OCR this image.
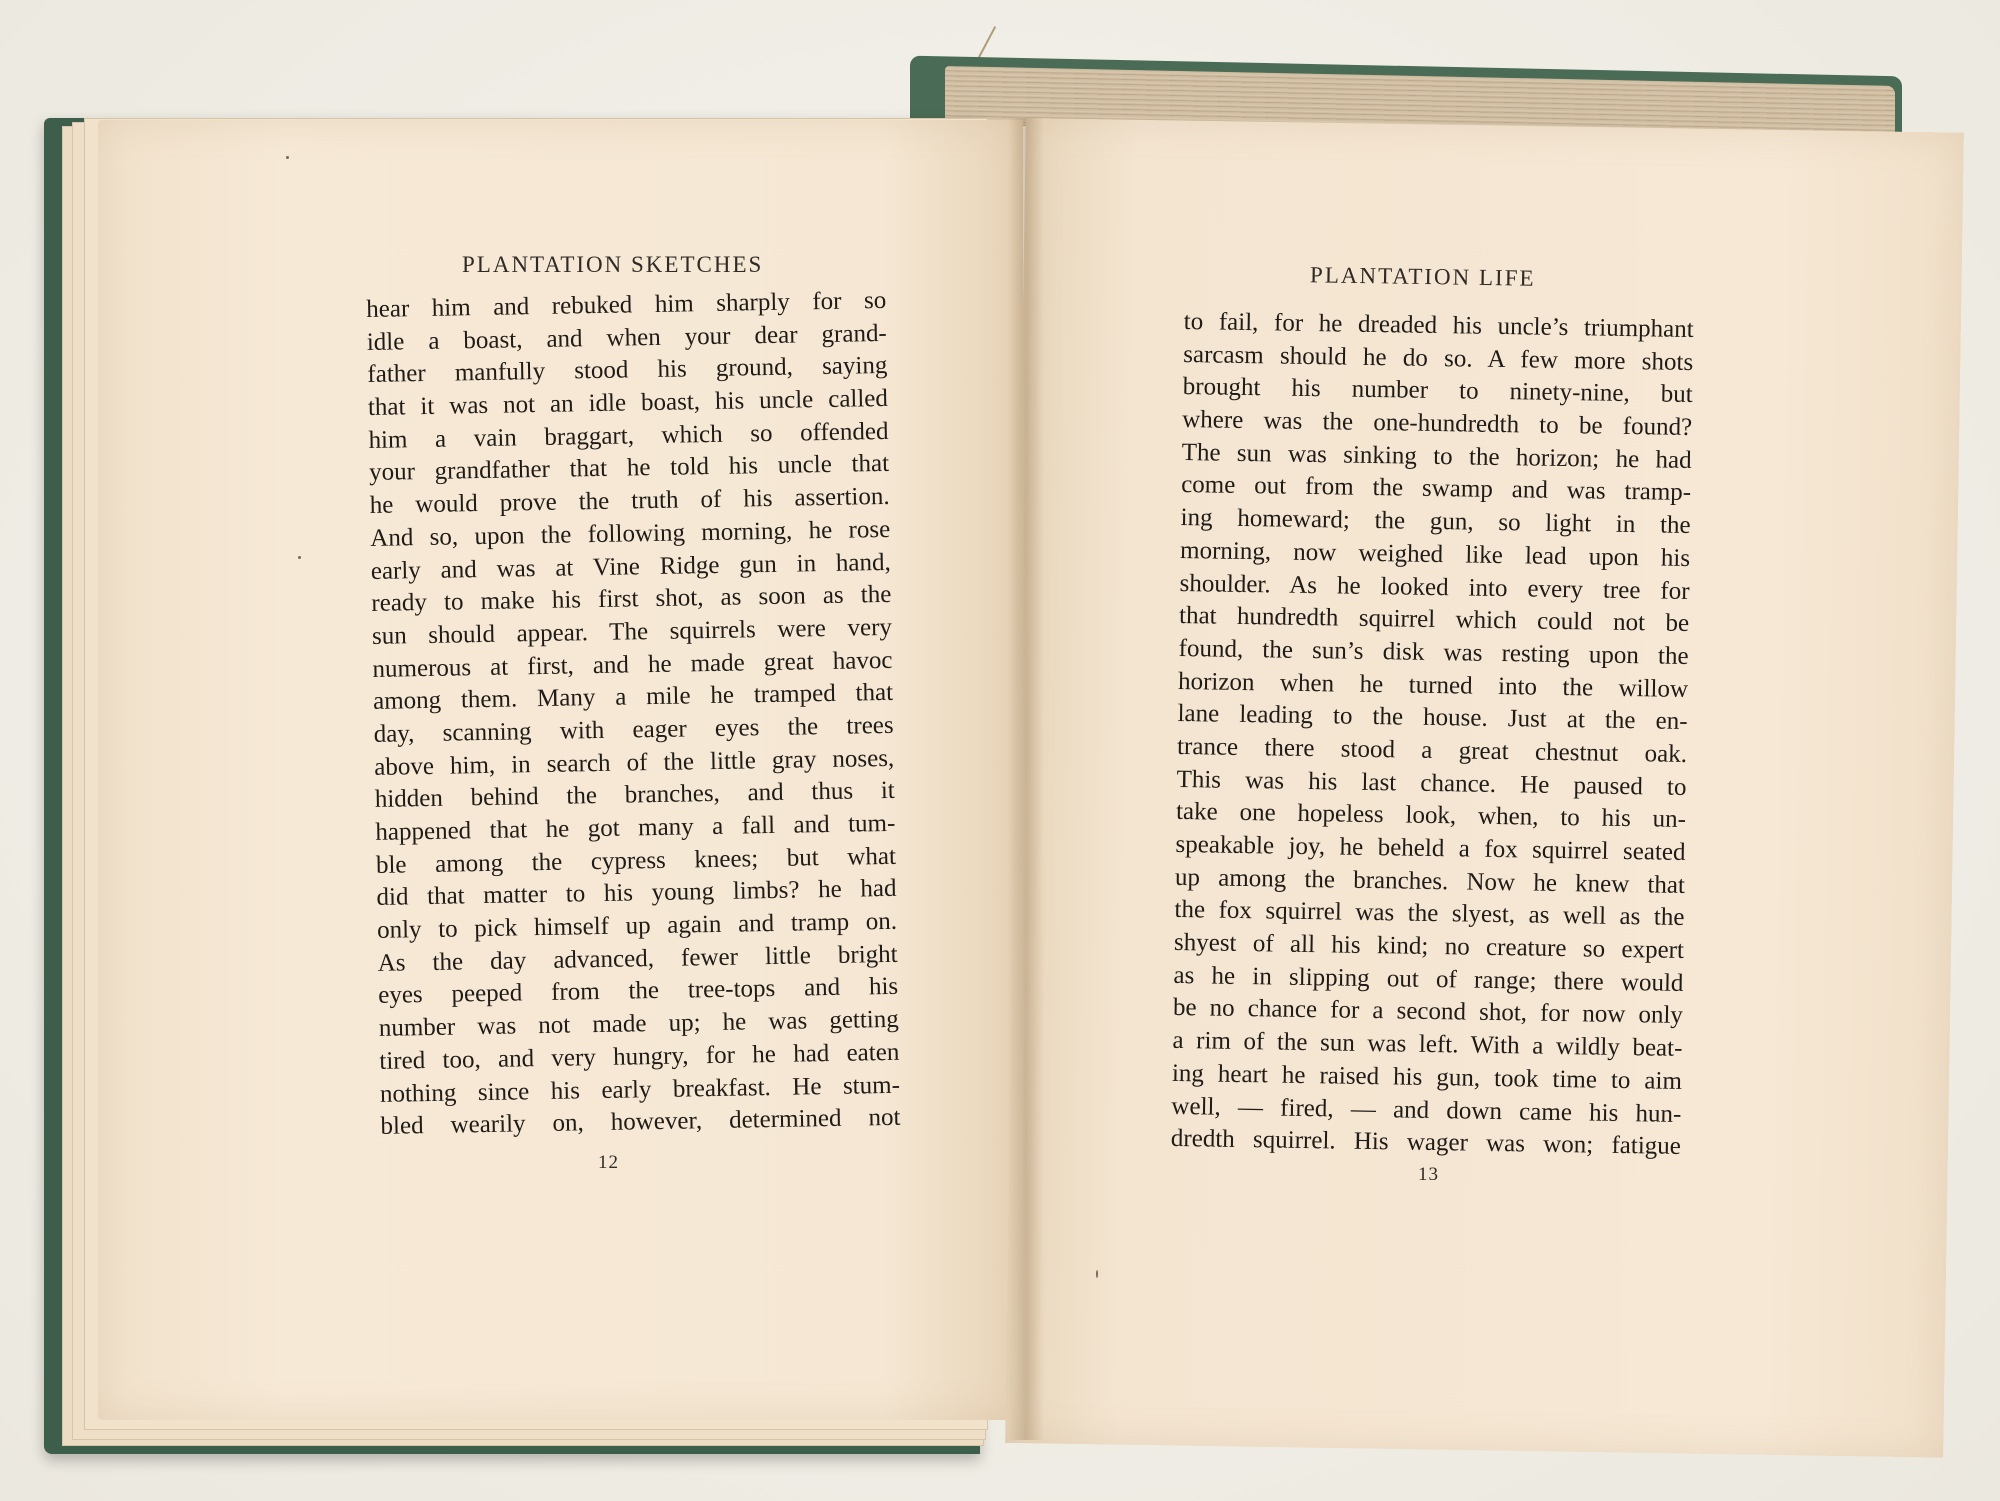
PLANTATION SKETCHES	PLANTATION LIFE
hear him and rebuked him sharply for so
idle a boast, and when your dear grand-
father manfully stood his ground, saying
that it was not an idle boast, his uncle called
him a vain braggart, which so offended
your grandfather that he told his uncle that
he would prove the truth of his assertion.
And so, upon the following morning, he rose
early and was at Vine Ridge gun in hand,
ready to make his first shot, as soon as the
sun should appear. The squirrels were very
numerous at first, and he made great havoc
among them. Many a mile he tramped that
day, scanning with eager eyes the trees
above him, in search of the little gray noses,
hidden behind the branches, and thus it
happened that he got many a fall and tum-
ble among the cypress knees; but what
did that matter to his young limbs? he had
only to pick himself up again and tramp on.
As the day advanced, fewer little bright
eyes peeped from the tree-tops and his
number was not made up; he was getting
tired too, and very hungry, for he had eaten
nothing since his early breakfast. He stum-
bled wearily on, however, determined not
to fail, for he dreaded his uncle’s triumphant
sarcasm should he do so. A few more shots
brought his number to ninety-nine, but
where was the one-hundredth to be found?
The sun was sinking to the horizon; he had
come out from the swamp and was tramp-
ing homeward; the gun, so light in the
morning, now weighed like lead upon his
shoulder. As he looked into every tree for
that hundredth squirrel which could not be
found, the sun’s disk was resting upon the
horizon when he turned into the willow
lane leading to the house. Just at the en-
trance there stood a great chestnut oak.
This was his last chance. He paused to
take one hopeless look, when, to his un-
speakable joy, he beheld a fox squirrel seated
up among the branches. Now he knew that
the fox squirrel was the slyest, as well as the
shyest of all his kind; no creature so expert
as he in slipping out of range; there would
be no chance for a second shot, for now only
a rim of the sun was left. With a wildly beat-
ing heart he raised his gun, took time to aim
well, — fired, — and down came his hun-
dredth squirrel. His wager was won; fatigue
12
13
